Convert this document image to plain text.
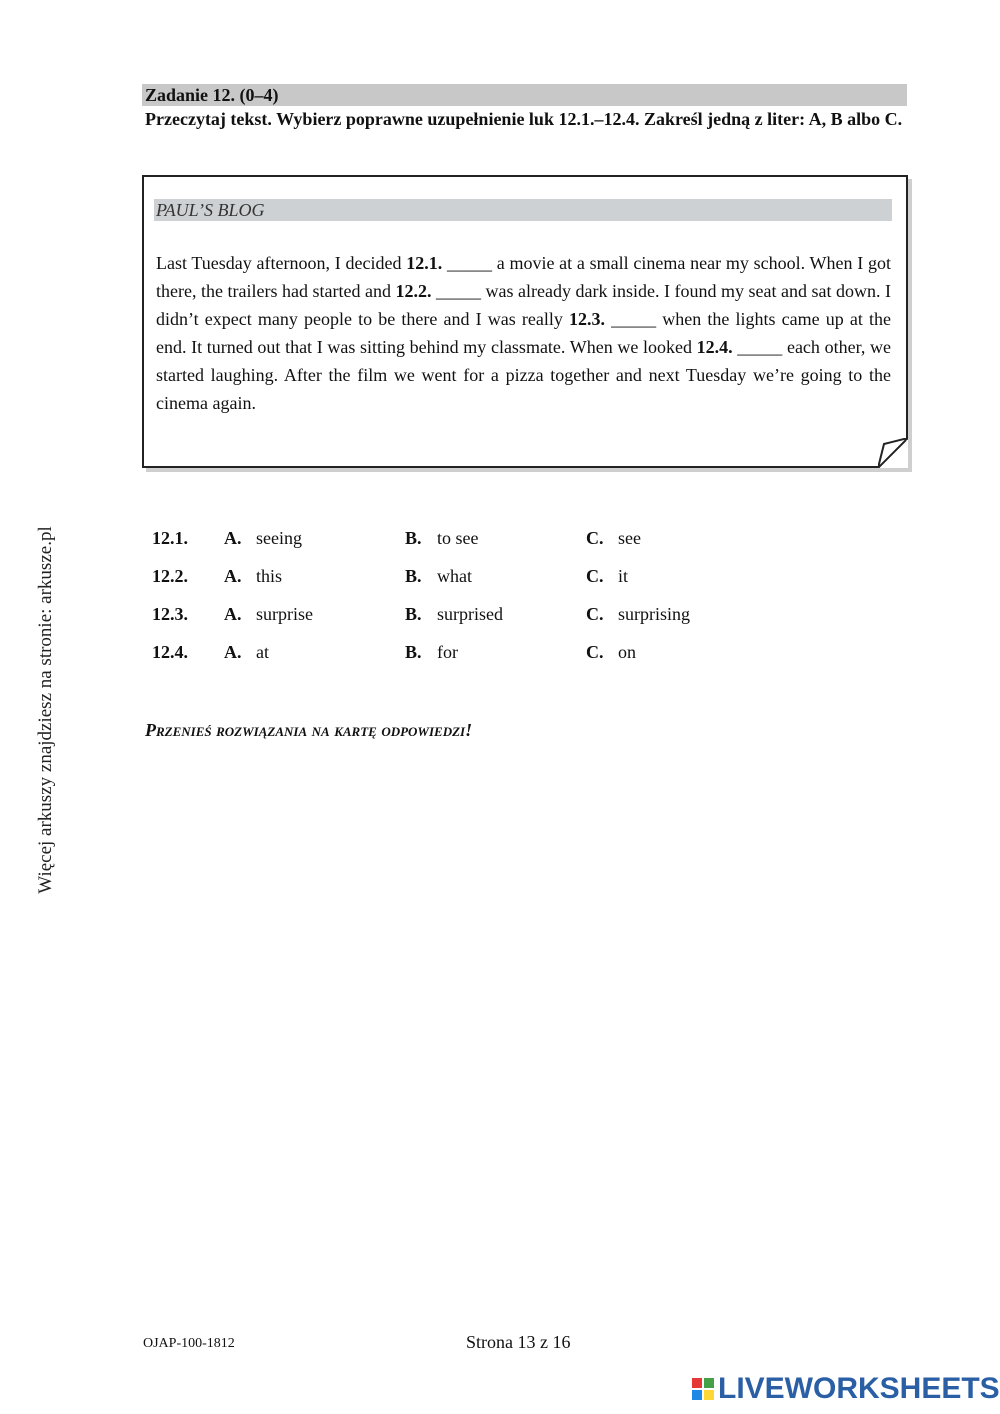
Więcej arkuszy znajdziesz na stronie: arkusze.pl
Zadanie 12. (0–4)
Przeczytaj tekst. Wybierz poprawne uzupełnienie luk 12.1.–12.4. Zakreśl jedną z liter: A, B albo C.
PAUL’S BLOG
Last Tuesday afternoon, I decided 12.1. _____ a movie at a small cinema near my school. When I got there, the trailers had started and 12.2. _____ was already dark inside. I found my seat and sat down. I didn’t expect many people to be there and I was really 12.3. _____ when the lights came up at the end. It turned out that I was sitting behind my classmate. When we looked 12.4. _____ each other, we started laughing. After the film we went for a pizza together and next Tuesday we’re going to the cinema again.
12.1. A. seeing	B. to see	C. see
12.2. A. this	B. what	C. it
12.3. A. surprise	B. surprised	C. surprising
12.4. A. at	B. for	C. on
Przenieś rozwiązania na kartę odpowiedzi!
OJAP-100-1812	Strona 13 z 16
LIVEWORKSHEETS
